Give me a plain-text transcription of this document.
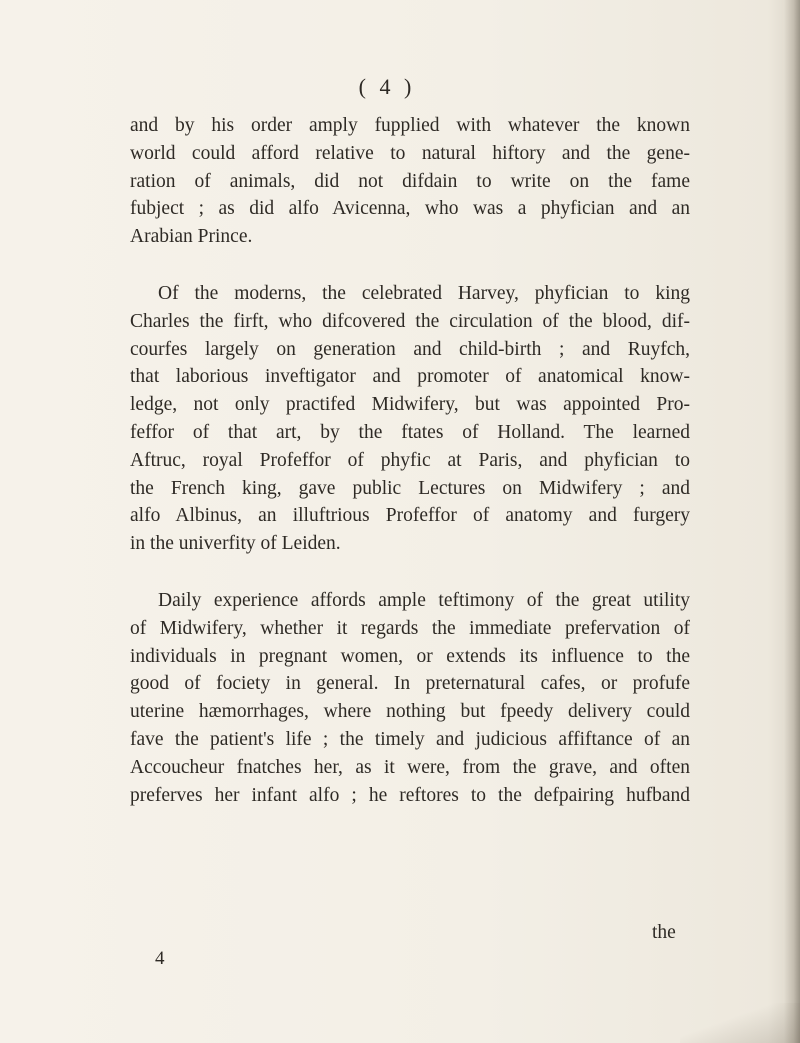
( 4 )
and by his order amply fupplied with whatever the known
world could afford relative to natural hiftory and the gene-
ration of animals, did not difdain to write on the fame
fubject ; as did alfo Avicenna, who was a phyfician and an
Arabian Prince.
Of the moderns, the celebrated Harvey, phyfician to king
Charles the firft, who difcovered the circulation of the blood, dif-
courfes largely on generation and child-birth ; and Ruyfch,
that laborious inveftigator and promoter of anatomical know-
ledge, not only practifed Midwifery, but was appointed Pro-
feffor of that art, by the ftates of Holland. The learned
Aftruc, royal Profeffor of phyfic at Paris, and phyfician to
the French king, gave public Lectures on Midwifery ; and
alfo Albinus, an illuftrious Profeffor of anatomy and furgery
in the univerfity of Leiden.
Daily experience affords ample teftimony of the great utility
of Midwifery, whether it regards the immediate prefervation of
individuals in pregnant women, or extends its influence to the
good of fociety in general. In preternatural cafes, or profufe
uterine hæmorrhages, where nothing but fpeedy delivery could
fave the patient's life ; the timely and judicious affiftance of an
Accoucheur fnatches her, as it were, from the grave, and often
preferves her infant alfo ; he reftores to the defpairing hufband
the
4
